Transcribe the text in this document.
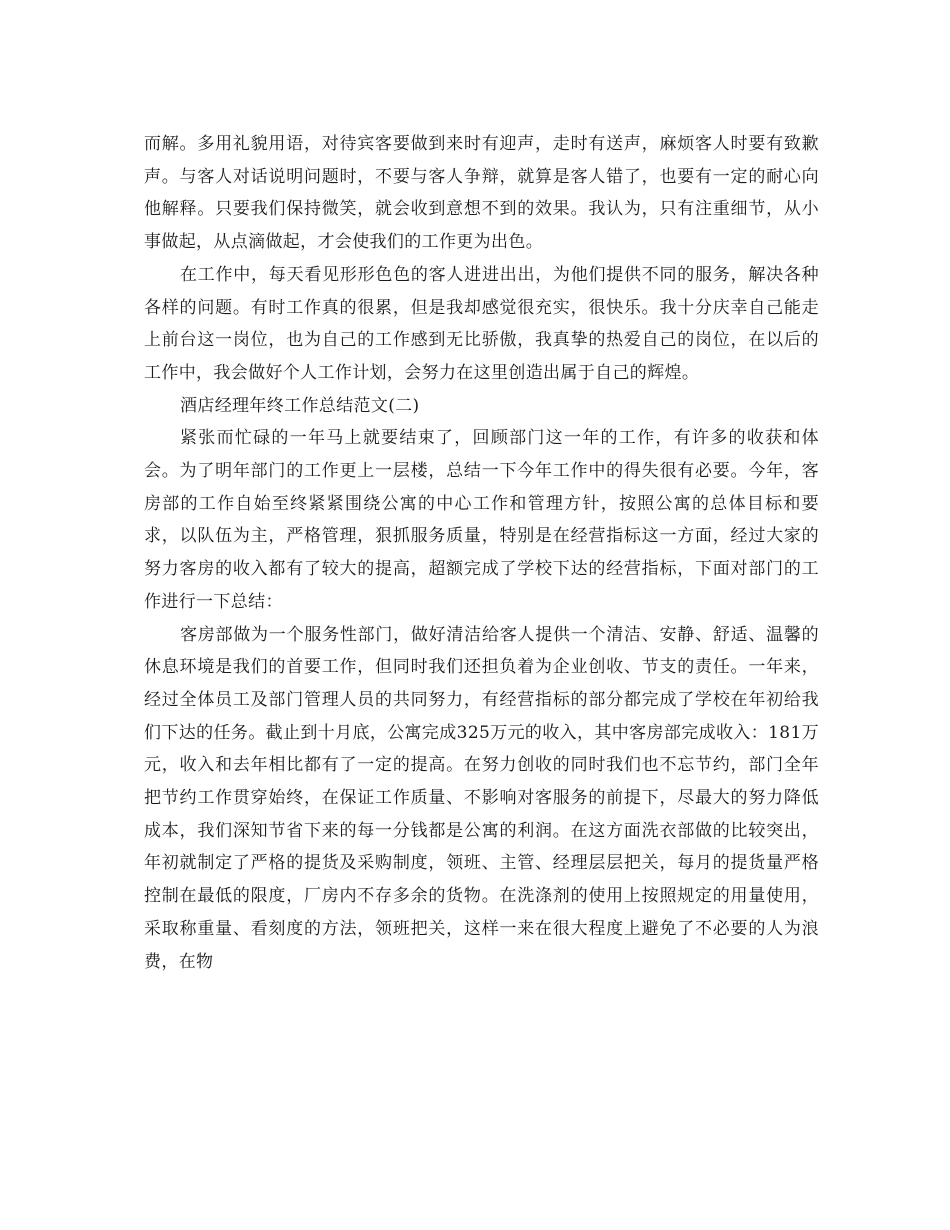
而解。多用礼貌用语，对待宾客要做到来时有迎声，走时有送声，麻烦客人时要有致歉声。与客人对话说明问题时，不要与客人争辩，就算是客人错了，也要有一定的耐心向他解释。只要我们保持微笑，就会收到意想不到的效果。我认为，只有注重细节，从小事做起，从点滴做起，才会使我们的工作更为出色。

在工作中，每天看见形形色色的客人进进出出，为他们提供不同的服务，解决各种各样的问题。有时工作真的很累，但是我却感觉很充实，很快乐。我十分庆幸自己能走上前台这一岗位，也为自己的工作感到无比骄傲，我真挚的热爱自己的岗位，在以后的工作中，我会做好个人工作计划，会努力在这里创造出属于自己的辉煌。

酒店经理年终工作总结范文(二)

紧张而忙碌的一年马上就要结束了，回顾部门这一年的工作，有许多的收获和体会。为了明年部门的工作更上一层楼，总结一下今年工作中的得失很有必要。今年，客房部的工作自始至终紧紧围绕公寓的中心工作和管理方针，按照公寓的总体目标和要求，以队伍为主，严格管理，狠抓服务质量，特别是在经营指标这一方面，经过大家的努力客房的收入都有了较大的提高，超额完成了学校下达的经营指标，下面对部门的工作进行一下总结：

客房部做为一个服务性部门，做好清洁给客人提供一个清洁、安静、舒适、温馨的休息环境是我们的首要工作，但同时我们还担负着为企业创收、节支的责任。一年来，经过全体员工及部门管理人员的共同努力，有经营指标的部分都完成了学校在年初给我们下达的任务。截止到十月底，公寓完成325万元的收入，其中客房部完成收入：181万元，收入和去年相比都有了一定的提高。在努力创收的同时我们也不忘节约，部门全年把节约工作贯穿始终，在保证工作质量、不影响对客服务的前提下，尽最大的努力降低成本，我们深知节省下来的每一分钱都是公寓的利润。在这方面洗衣部做的比较突出，年初就制定了严格的提货及采购制度，领班、主管、经理层层把关，每月的提货量严格控制在最低的限度，厂房内不存多余的货物。在洗涤剂的使用上按照规定的用量使用，采取称重量、看刻度的方法，领班把关，这样一来在很大程度上避免了不必要的人为浪费，在物
